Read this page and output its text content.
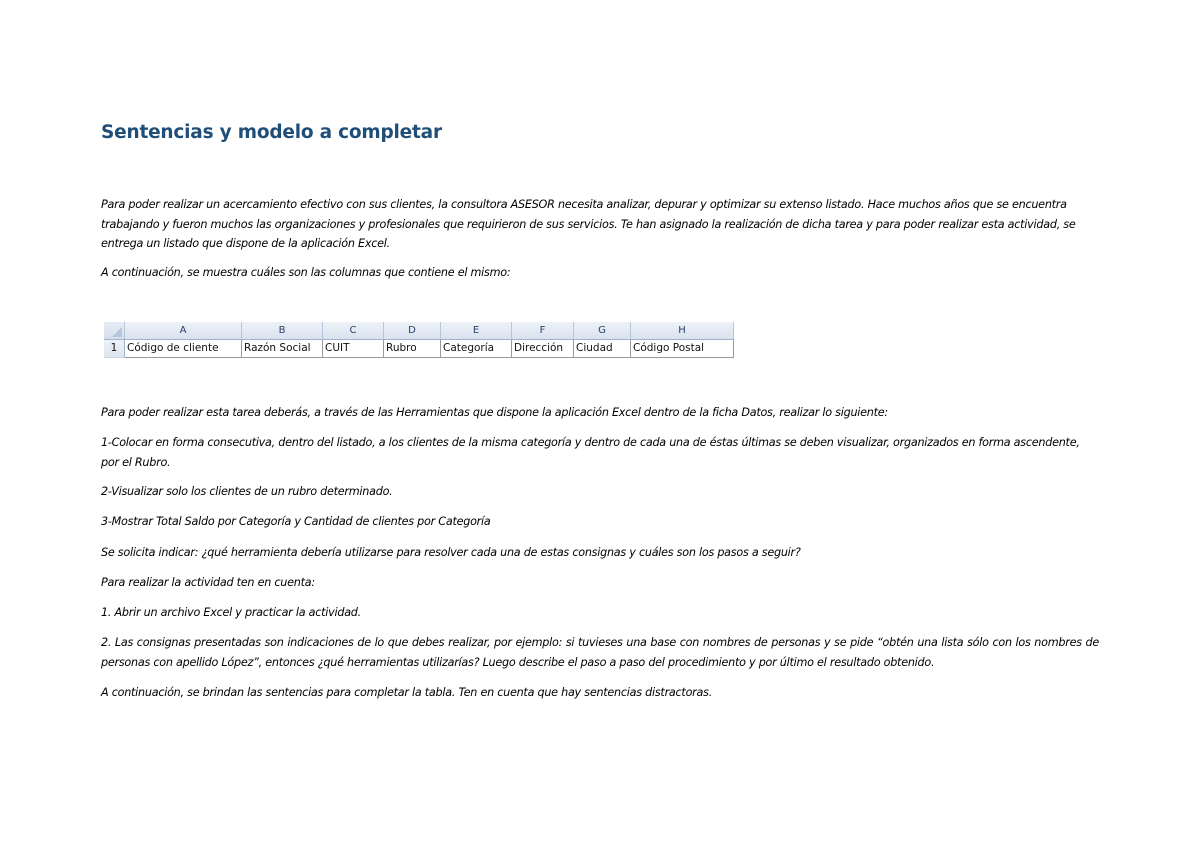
Sentencias y modelo a completar

Para poder realizar un acercamiento efectivo con sus clientes, la consultora ASESOR necesita analizar, depurar y optimizar su extenso listado. Hace muchos años que se encuentra trabajando y fueron muchos las organizaciones y profesionales que requirieron de sus servicios. Te han asignado la realización de dicha tarea y para poder realizar esta actividad, se entrega un listado que dispone de la aplicación Excel.

A continuación, se muestra cuáles son las columnas que contiene el mismo:

A	B	C	D	E	F	G	H
1 Código de cliente	Razón Social	CUIT	Rubro	Categoría	Dirección	Ciudad	Código Postal

Para poder realizar esta tarea deberás, a través de las Herramientas que dispone la aplicación Excel dentro de la ficha Datos, realizar lo siguiente:

1-Colocar en forma consecutiva, dentro del listado, a los clientes de la misma categoría y dentro de cada una de éstas últimas se deben visualizar, organizados en forma ascendente, por el Rubro.

2-Visualizar solo los clientes de un rubro determinado.

3-Mostrar Total Saldo por Categoría y Cantidad de clientes por Categoría

Se solicita indicar: ¿qué herramienta debería utilizarse para resolver cada una de estas consignas y cuáles son los pasos a seguir?

Para realizar la actividad ten en cuenta:

1. Abrir un archivo Excel y practicar la actividad.

2. Las consignas presentadas son indicaciones de lo que debes realizar, por ejemplo: si tuvieses una base con nombres de personas y se pide “obtén una lista sólo con los nombres de personas con apellido López”, entonces ¿qué herramientas utilizarías? Luego describe el paso a paso del procedimiento y por último el resultado obtenido.

A continuación, se brindan las sentencias para completar la tabla. Ten en cuenta que hay sentencias distractoras.
